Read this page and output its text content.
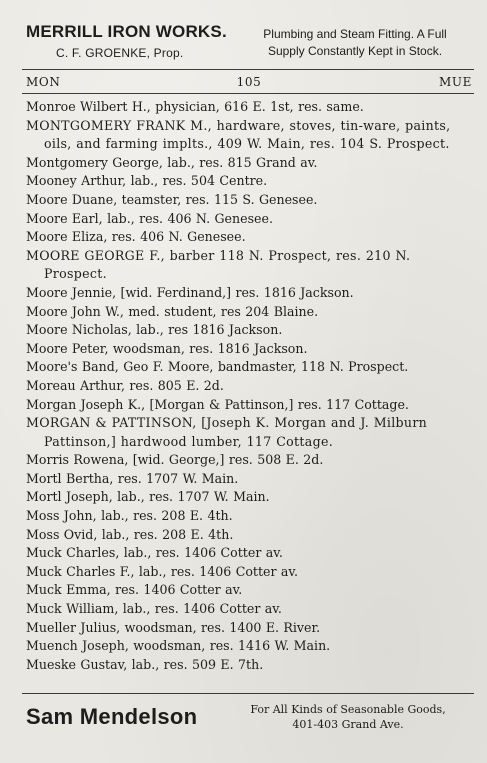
MERRILL IRON WORKS.
C. F. GROENKE, Prop.
Plumbing and Steam Fitting. A Full
Supply Constantly Kept in Stock.
105
MON	MUE
Monroe Wilbert H., physician, 616 E. 1st, res. same.
MONTGOMERY FRANK M., hardware, stoves, tin-ware, paints, oils, and farming implts., 409 W. Main, res. 104 S. Prospect.
Montgomery George, lab., res. 815 Grand av.
Mooney Arthur, lab., res. 504 Centre.
Moore Duane, teamster, res. 115 S. Genesee.
Moore Earl, lab., res. 406 N. Genesee.
Moore Eliza, res. 406 N. Genesee.
MOORE GEORGE F., barber 118 N. Prospect, res. 210 N. Prospect.
Moore Jennie, [wid. Ferdinand,] res. 1816 Jackson.
Moore John W., med. student, res 204 Blaine.
Moore Nicholas, lab., res 1816 Jackson.
Moore Peter, woodsman, res. 1816 Jackson.
Moore's Band, Geo F. Moore, bandmaster, 118 N. Prospect.
Moreau Arthur, res. 805 E. 2d.
Morgan Joseph K., [Morgan & Pattinson,] res. 117 Cottage.
MORGAN & PATTINSON, [Joseph K. Morgan and J. Milburn Pattinson,] hardwood lumber, 117 Cottage.
Morris Rowena, [wid. George,] res. 508 E. 2d.
Mortl Bertha, res. 1707 W. Main.
Mortl Joseph, lab., res. 1707 W. Main.
Moss John, lab., res. 208 E. 4th.
Moss Ovid, lab., res. 208 E. 4th.
Muck Charles, lab., res. 1406 Cotter av.
Muck Charles F., lab., res. 1406 Cotter av.
Muck Emma, res. 1406 Cotter av.
Muck William, lab., res. 1406 Cotter av.
Mueller Julius, woodsman, res. 1400 E. River.
Muench Joseph, woodsman, res. 1416 W. Main.
Mueske Gustav, lab., res. 509 E. 7th.
Sam Mendelson	For All Kinds of Seasonable Goods,
401-403 Grand Ave.
